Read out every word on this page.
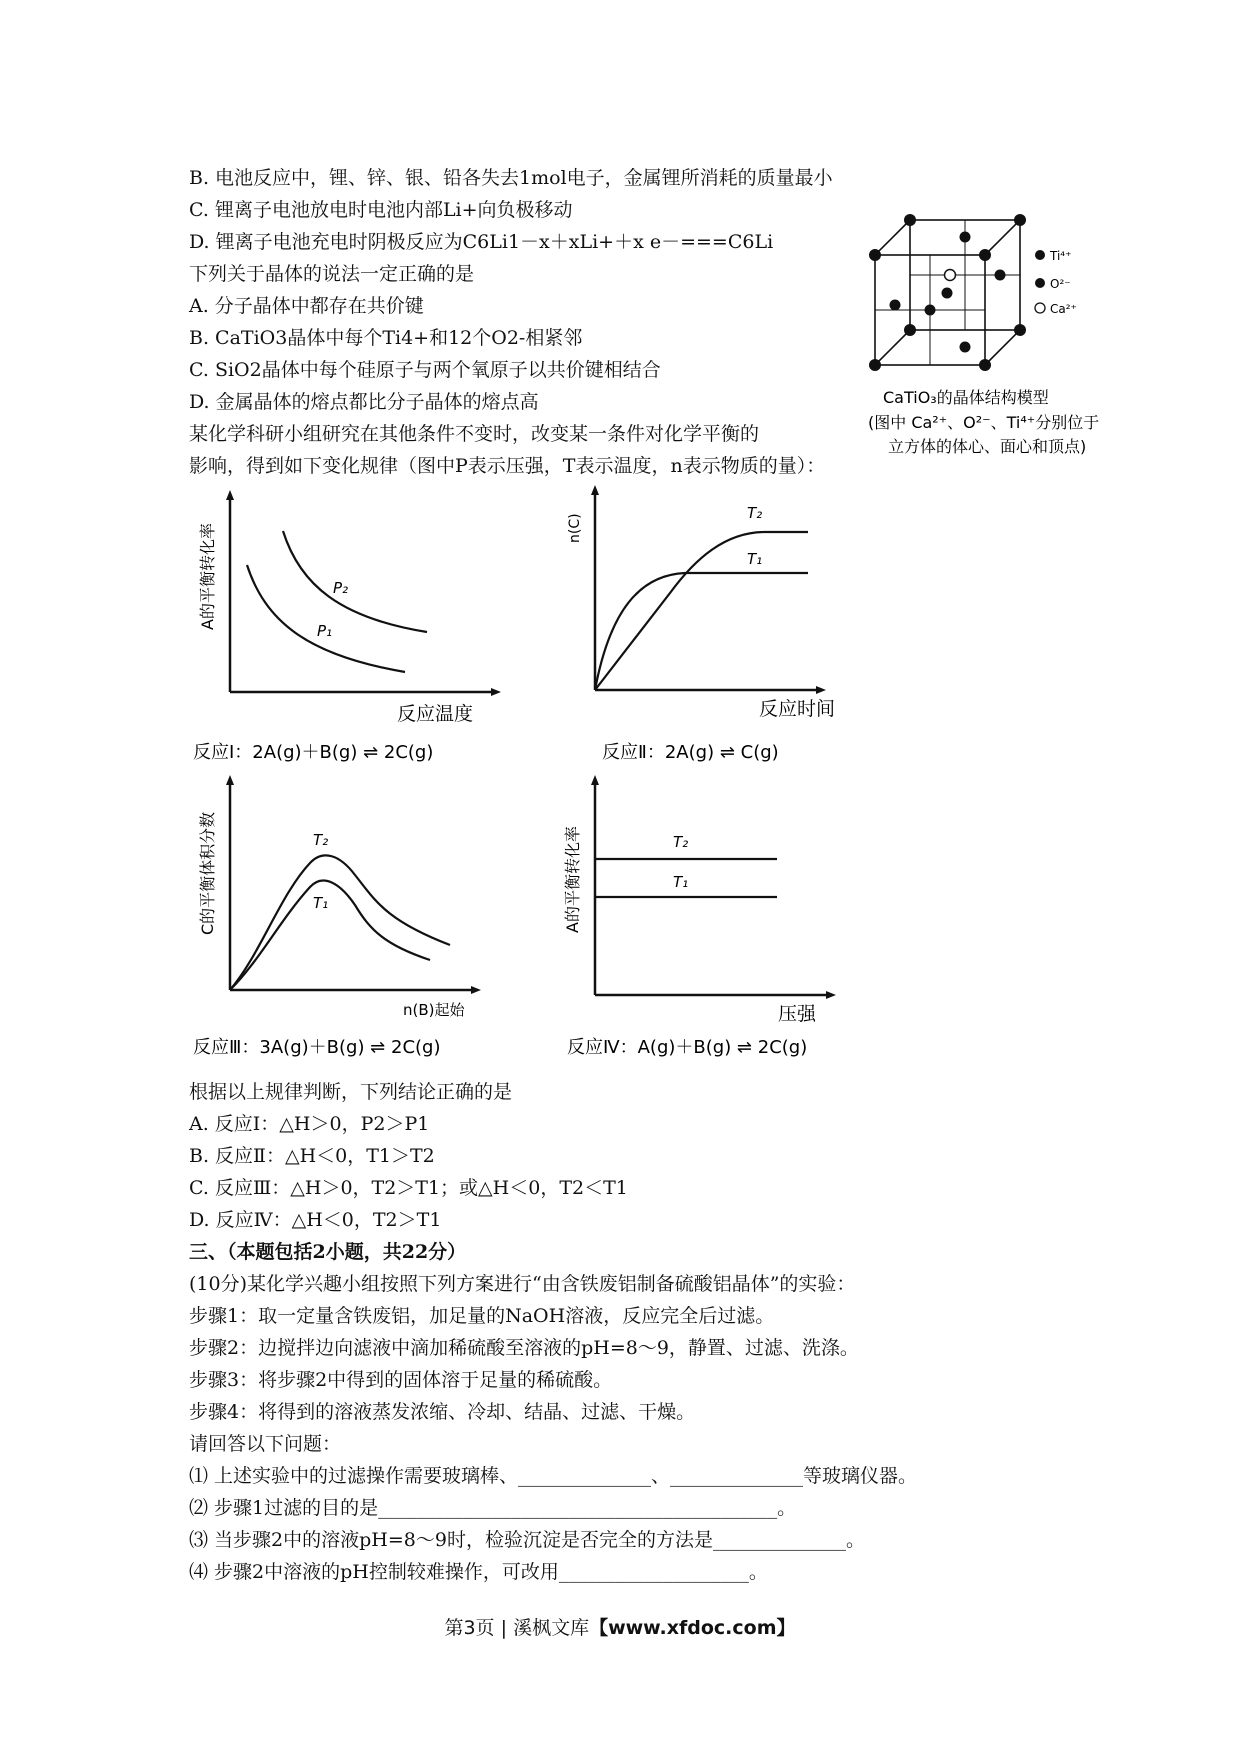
B. 电池反应中，锂、锌、银、铅各失去1mol电子，金属锂所消耗的质量最小
C. 锂离子电池放电时电池内部Li+向负极移动
D. 锂离子电池充电时阴极反应为C6Li1－x＋xLi+＋x e－===C6Li
下列关于晶体的说法一定正确的是
A. 分子晶体中都存在共价键
B. CaTiO3晶体中每个Ti4+和12个O2-相紧邻
C. SiO2晶体中每个硅原子与两个氧原子以共价键相结合
D. 金属晶体的熔点都比分子晶体的熔点高
某化学科研小组研究在其他条件不变时，改变某一条件对化学平衡的
影响，得到如下变化规律（图中P表示压强，T表示温度，n表示物质的量）：
Ti⁴⁺
O²⁻
Ca²⁺
CaTiO₃的晶体结构模型
(图中 Ca²⁺、O²⁻、Ti⁴⁺分别位于
立方体的体心、面心和顶点)
A的平衡转化率	P₂
P₁
反应温度
反应Ⅰ：2A(g)＋B(g) ⇌ 2C(g)
n(C)
T₂
T₁
反应时间
反应Ⅱ：2A(g) ⇌ C(g)
C的平衡体积分数	T₂
T₁
n(B)起始
反应Ⅲ：3A(g)＋B(g) ⇌ 2C(g)
A的平衡转化率	T₂
T₁
压强
反应Ⅳ：A(g)＋B(g) ⇌ 2C(g)
根据以上规律判断，下列结论正确的是
A. 反应Ⅰ：△H＞0，P2＞P1
B. 反应Ⅱ：△H＜0，T1＞T2
C. 反应Ⅲ：△H＞0，T2＞T1；或△H＜0，T2＜T1
D. 反应Ⅳ：△H＜0，T2＞T1
三、（本题包括2小题，共22分）
(10分)某化学兴趣小组按照下列方案进行“由含铁废铝制备硫酸铝晶体”的实验：
步骤1：取一定量含铁废铝，加足量的NaOH溶液，反应完全后过滤。
步骤2：边搅拌边向滤液中滴加稀硫酸至溶液的pH=8～9，静置、过滤、洗涤。
步骤3：将步骤2中得到的固体溶于足量的稀硫酸。
步骤4：将得到的溶液蒸发浓缩、冷却、结晶、过滤、干燥。
请回答以下问题：
⑴ 上述实验中的过滤操作需要玻璃棒、______________、______________等玻璃仪器。
⑵ 步骤1过滤的目的是__________________________________________。
⑶ 当步骤2中的溶液pH=8～9时，检验沉淀是否完全的方法是______________。
⑷ 步骤2中溶液的pH控制较难操作，可改用____________________。
第3页 | 溪枫文库【www.xfdoc.com】
